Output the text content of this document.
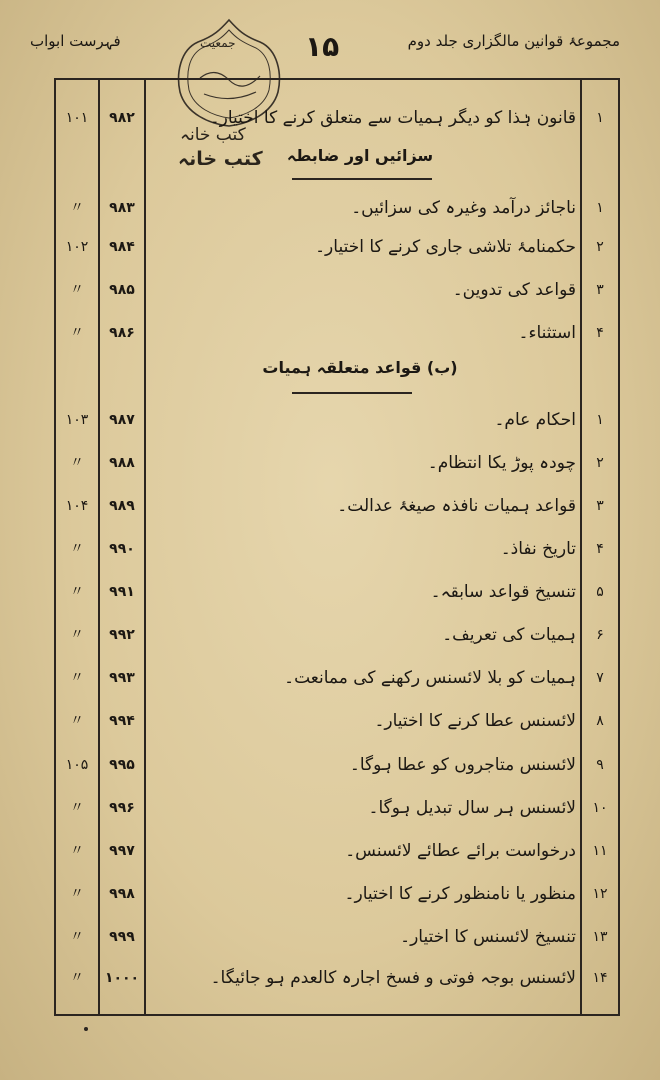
مجموعۂ قوانین مالگزاری جلد دوم
۱۵
فہرست ابواب	جمعیت
کتب خانہ
کتب خانہ
۱
قانون ہٰذا کو دیگر ہمیات سے متعلق کرنے کا اختیار۔
۹۸۲
۱۰۱
سزائیں اور ضابطہ
۱
ناجائز درآمد وغیرہ کی سزائیں۔
۹۸۳
〃
۲
حکمنامۂ تلاشی جاری کرنے کا اختیار۔
۹۸۴
۱۰۲
۳
قواعد کی تدوین۔
۹۸۵
〃
۴
استثناء۔
۹۸۶
〃
(ب) قواعد متعلقہ ہمیات
۱
احکام عام۔
۹۸۷
۱۰۳
۲
چودہ پوڑ یکا انتظام۔
۹۸۸
〃
۳
قواعد ہمیات نافذہ صیغۂ عدالت۔
۹۸۹
۱۰۴
۴
تاریخ نفاذ۔
۹۹۰
〃
۵
تنسیخ قواعد سابقہ۔
۹۹۱
〃
۶
ہمیات کی تعریف۔
۹۹۲
〃
۷
ہمیات کو بلا لائسنس رکھنے کی ممانعت۔
۹۹۳
〃
۸
لائسنس عطا کرنے کا اختیار۔
۹۹۴
〃
۹
لائسنس متاجروں کو عطا ہوگا۔
۹۹۵
۱۰۵
۱۰
لائسنس ہر سال تبدیل ہوگا۔
۹۹۶
〃
۱۱
درخواست برائے عطائے لائسنس۔
۹۹۷
〃
۱۲
منظور یا نامنظور کرنے کا اختیار۔
۹۹۸
〃
۱۳
تنسیخ لائسنس کا اختیار۔
۹۹۹
〃
۱۴
لائسنس بوجہ فوتی و فسخ اجارہ کالعدم ہو جائیگا۔
۱۰۰۰
〃
